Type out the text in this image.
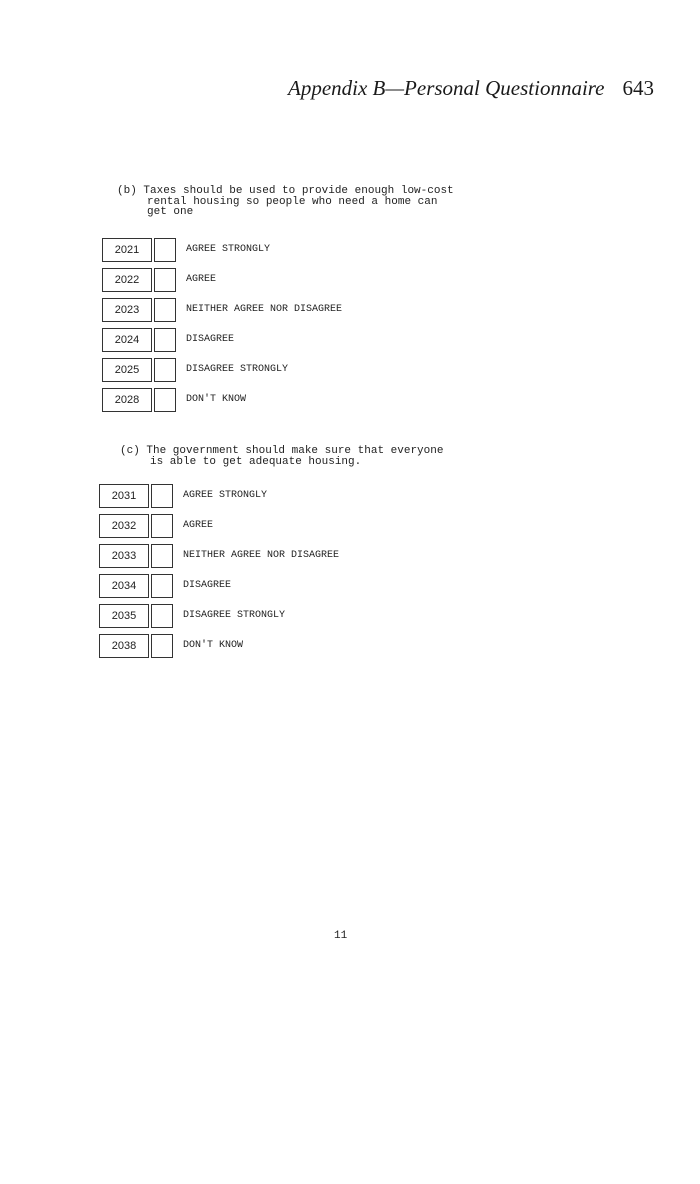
Appendix B—Personal Questionnaire 643
(b) Taxes should be used to provide enough low-cost
rental housing so people who need a home can
get one
2021	AGREE STRONGLY
2022	AGREE
2023	NEITHER AGREE NOR DISAGREE
2024	DISAGREE
2025	DISAGREE STRONGLY
2028	DON'T KNOW
(c) The government should make sure that everyone
is able to get adequate housing.
2031	AGREE STRONGLY
2032	AGREE
2033	NEITHER AGREE NOR DISAGREE
2034	DISAGREE
2035	DISAGREE STRONGLY
2038	DON'T KNOW
11
